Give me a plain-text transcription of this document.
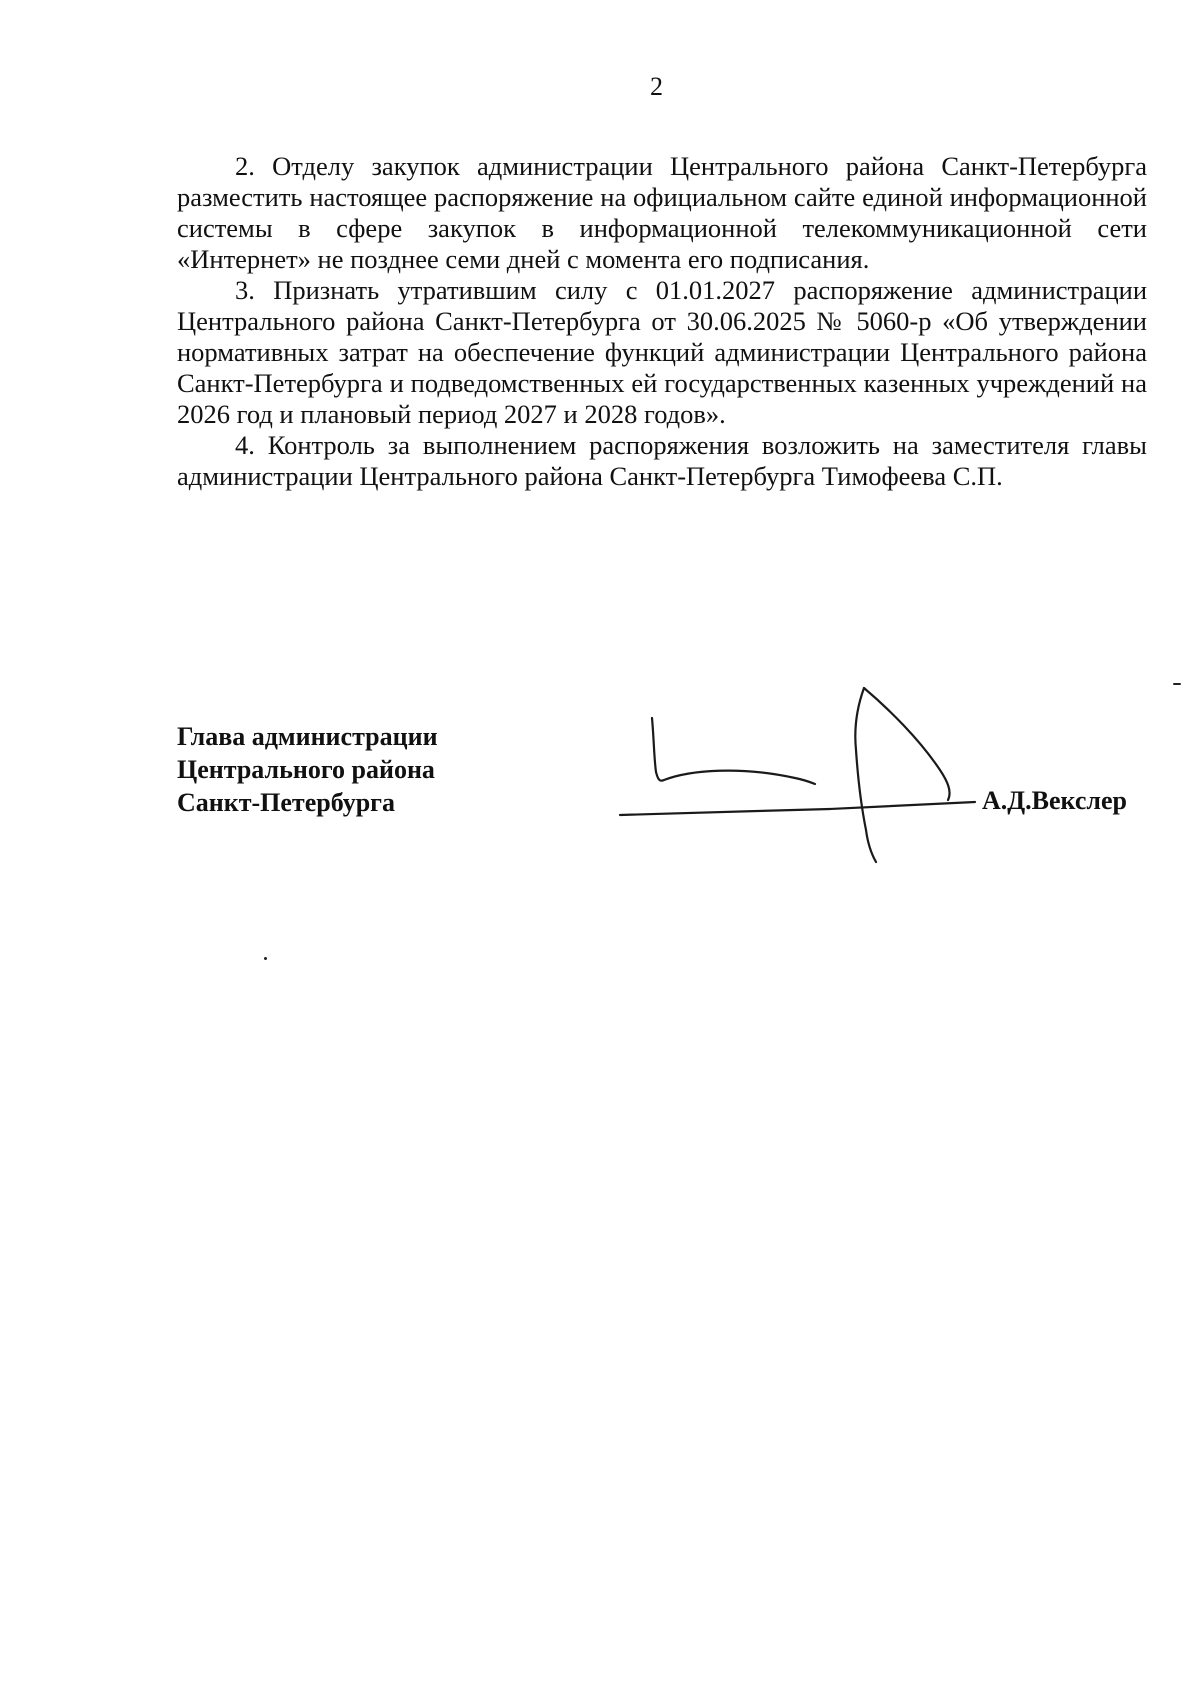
2

2. Отделу закупок администрации Центрального района Санкт-Петербурга разместить настоящее распоряжение на официальном сайте единой информационной системы в сфере закупок в информационной телекоммуникационной сети «Интернет» не позднее семи дней с момента его подписания.

3. Признать утратившим силу с 01.01.2027 распоряжение администрации Центрального района Санкт-Петербурга от 30.06.2025 № 5060-р «Об утверждении нормативных затрат на обеспечение функций администрации Центрального района Санкт-Петербурга и подведомственных ей государственных казенных учреждений на 2026 год и плановый период 2027 и 2028 годов».

4. Контроль за выполнением распоряжения возложить на заместителя главы администрации Центрального района Санкт-Петербурга Тимофеева С.П.

Глава администрации
Центрального района
Санкт-Петербурга	А.Д.Векслер
